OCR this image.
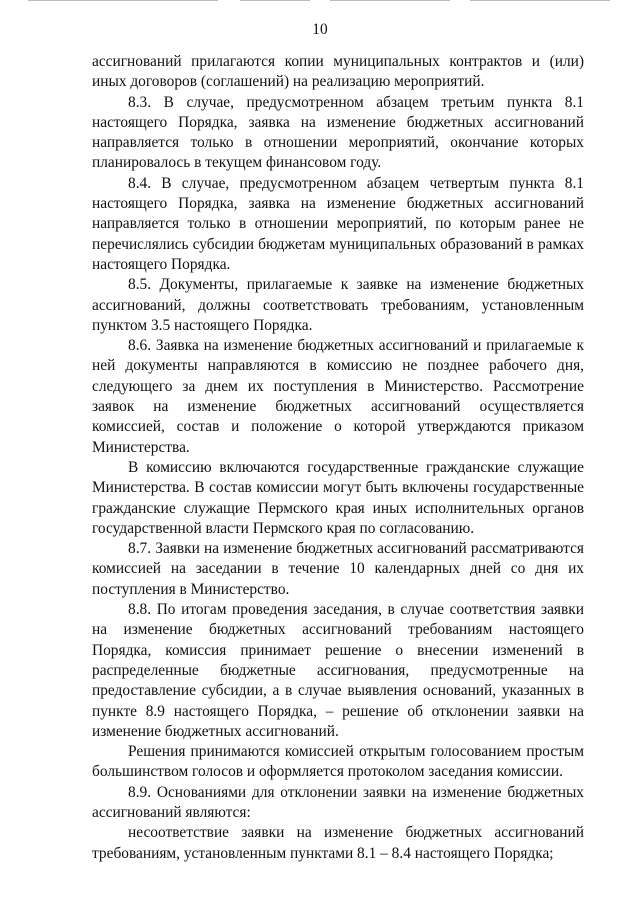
10

ассигнований прилагаются копии муниципальных контрактов и (или) иных договоров (соглашений) на реализацию мероприятий.

8.3. В случае, предусмотренном абзацем третьим пункта 8.1 настоящего Порядка, заявка на изменение бюджетных ассигнований направляется только в отношении мероприятий, окончание которых планировалось в текущем финансовом году.

8.4. В случае, предусмотренном абзацем четвертым пункта 8.1 настоящего Порядка, заявка на изменение бюджетных ассигнований направляется только в отношении мероприятий, по которым ранее не перечислялись субсидии бюджетам муниципальных образований в рамках настоящего Порядка.

8.5. Документы, прилагаемые к заявке на изменение бюджетных ассигнований, должны соответствовать требованиям, установленным пунктом 3.5 настоящего Порядка.

8.6. Заявка на изменение бюджетных ассигнований и прилагаемые к ней документы направляются в комиссию не позднее рабочего дня, следующего за днем их поступления в Министерство. Рассмотрение заявок на изменение бюджетных ассигнований осуществляется комиссией, состав и положение о которой утверждаются приказом Министерства.

В комиссию включаются государственные гражданские служащие Министерства. В состав комиссии могут быть включены государственные гражданские служащие Пермского края иных исполнительных органов государственной власти Пермского края по согласованию.

8.7. Заявки на изменение бюджетных ассигнований рассматриваются комиссией на заседании в течение 10 календарных дней со дня их поступления в Министерство.

8.8. По итогам проведения заседания, в случае соответствия заявки на изменение бюджетных ассигнований требованиям настоящего Порядка, комиссия принимает решение о внесении изменений в распределенные бюджетные ассигнования, предусмотренные на предоставление субсидии, а в случае выявления оснований, указанных в пункте 8.9 настоящего Порядка, – решение об отклонении заявки на изменение бюджетных ассигнований.

Решения принимаются комиссией открытым голосованием простым большинством голосов и оформляется протоколом заседания комиссии.

8.9. Основаниями для отклонении заявки на изменение бюджетных ассигнований являются:

несоответствие заявки на изменение бюджетных ассигнований требованиям, установленным пунктами 8.1 – 8.4 настоящего Порядка;
